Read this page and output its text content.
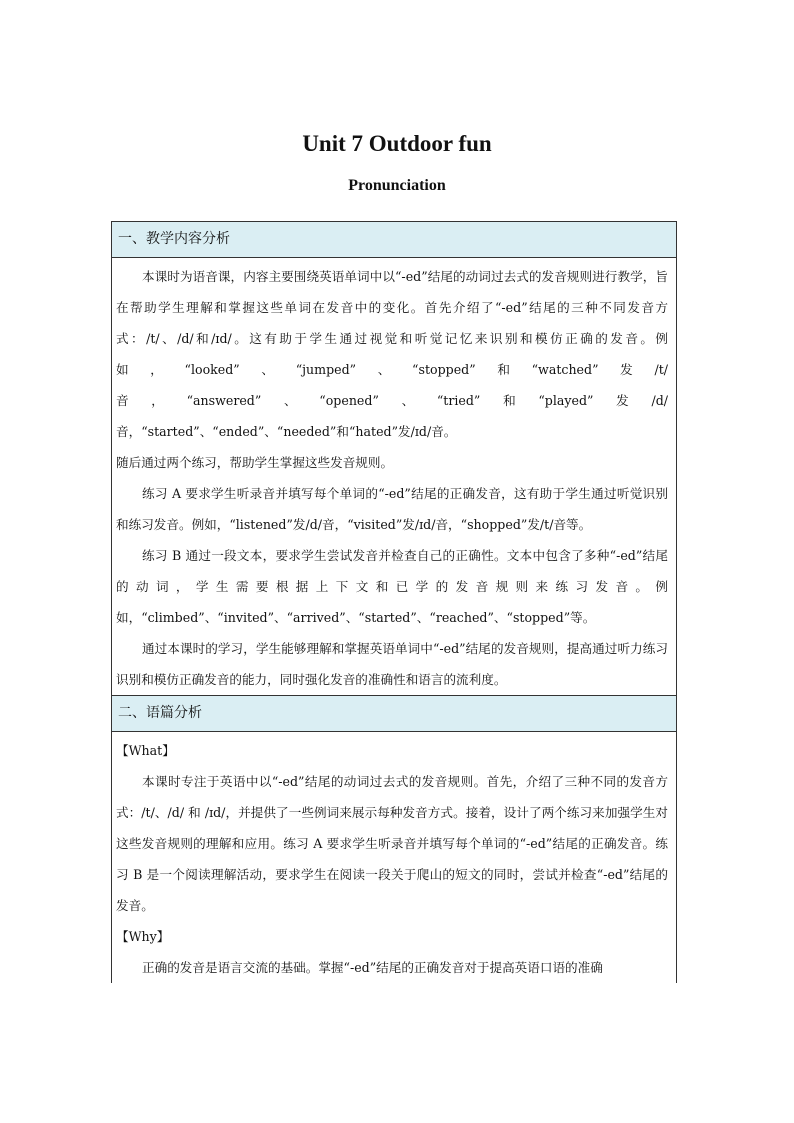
Unit 7 Outdoor fun
Pronunciation
一、教学内容分析

本课时为语音课，内容主要围绕英语单词中以“-ed”结尾的动词过去式的发音规则进行教学，旨在帮助学生理解和掌握这些单词在发音中的变化。首先介绍了“-ed”结尾的三种不同发音方式：/t/、/d/和/ɪd/。这有助于学生通过视觉和听觉记忆来识别和模仿正确的发音。例如，“looked”、“jumped”、“stopped”和“watched”发/t/音，“answered”、“opened”、“tried”和“played”发/d/音，“started”、“ended”、“needed”和“hated”发/ɪd/音。

随后通过两个练习，帮助学生掌握这些发音规则。

练习 A 要求学生听录音并填写每个单词的“-ed”结尾的正确发音，这有助于学生通过听觉识别和练习发音。例如，“listened”发/d/音，“visited”发/ɪd/音，“shopped”发/t/音等。

练习 B 通过一段文本，要求学生尝试发音并检查自己的正确性。文本中包含了多种“-ed”结尾的动词，学生需要根据上下文和已学的发音规则来练习发音。例如，“climbed”、“invited”、“arrived”、“started”、“reached”、“stopped”等。

通过本课时的学习，学生能够理解和掌握英语单词中“-ed”结尾的发音规则，提高通过听力练习识别和模仿正确发音的能力，同时强化发音的准确性和语言的流利度。

二、语篇分析

【What】

本课时专注于英语中以“-ed”结尾的动词过去式的发音规则。首先，介绍了三种不同的发音方式：/t/、/d/ 和 /ɪd/，并提供了一些例词来展示每种发音方式。接着，设计了两个练习来加强学生对这些发音规则的理解和应用。练习 A 要求学生听录音并填写每个单词的“-ed”结尾的正确发音。练习 B 是一个阅读理解活动，要求学生在阅读一段关于爬山的短文的同时，尝试并检查“-ed”结尾的发音。

【Why】

正确的发音是语言交流的基础。掌握“-ed”结尾的正确发音对于提高英语口语的准确
